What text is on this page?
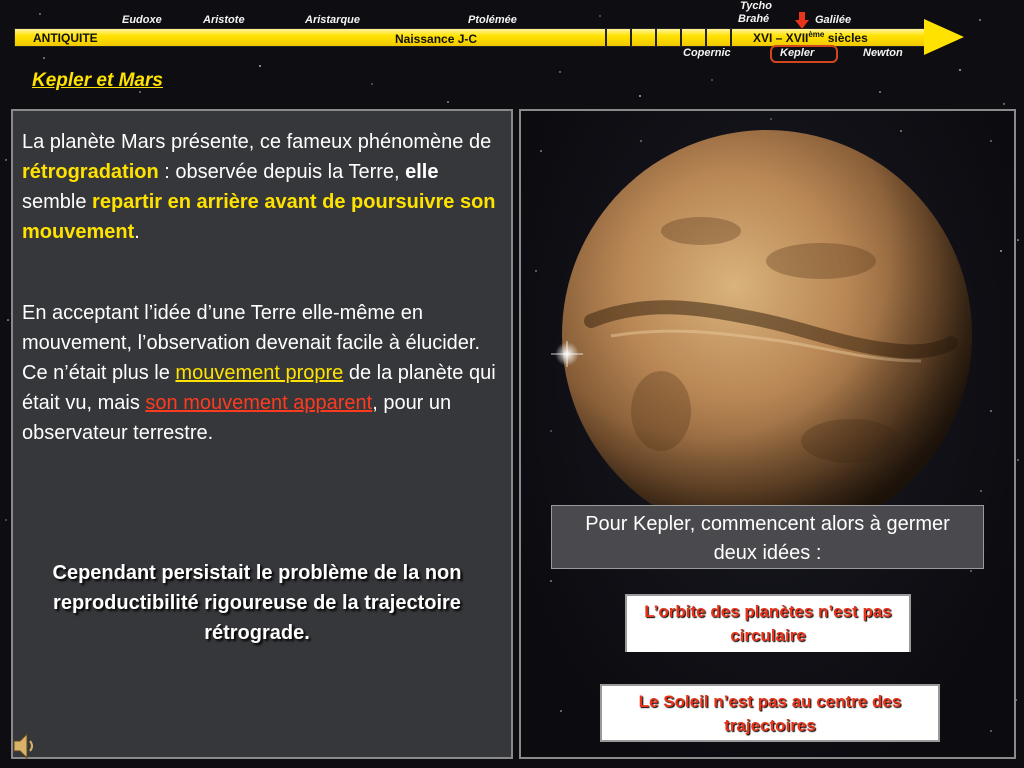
Eudoxe	Aristote	Aristarque	Ptolémée
Tycho
Brahé	Galilée
ANTIQUITE	Naissance J-C	XVI – XVIIème siècles
Copernic	Kepler	Newton
Kepler et Mars
La planète Mars présente, ce fameux phénomène de rétrogradation : observée depuis la Terre, elle semble repartir en arrière avant de poursuivre son mouvement.
En acceptant l’idée d’une Terre elle-même en mouvement, l’observation devenait facile à élucider.
Ce n’était plus le mouvement propre de la planète qui était vu, mais son mouvement apparent, pour un observateur terrestre.
Cependant persistait le problème de la non reproductibilité rigoureuse de la trajectoire rétrograde.
Pour Kepler, commencent alors à germer deux idées :
L’orbite des planètes n’est pas circulaire
Le Soleil n’est pas au centre des trajectoires
